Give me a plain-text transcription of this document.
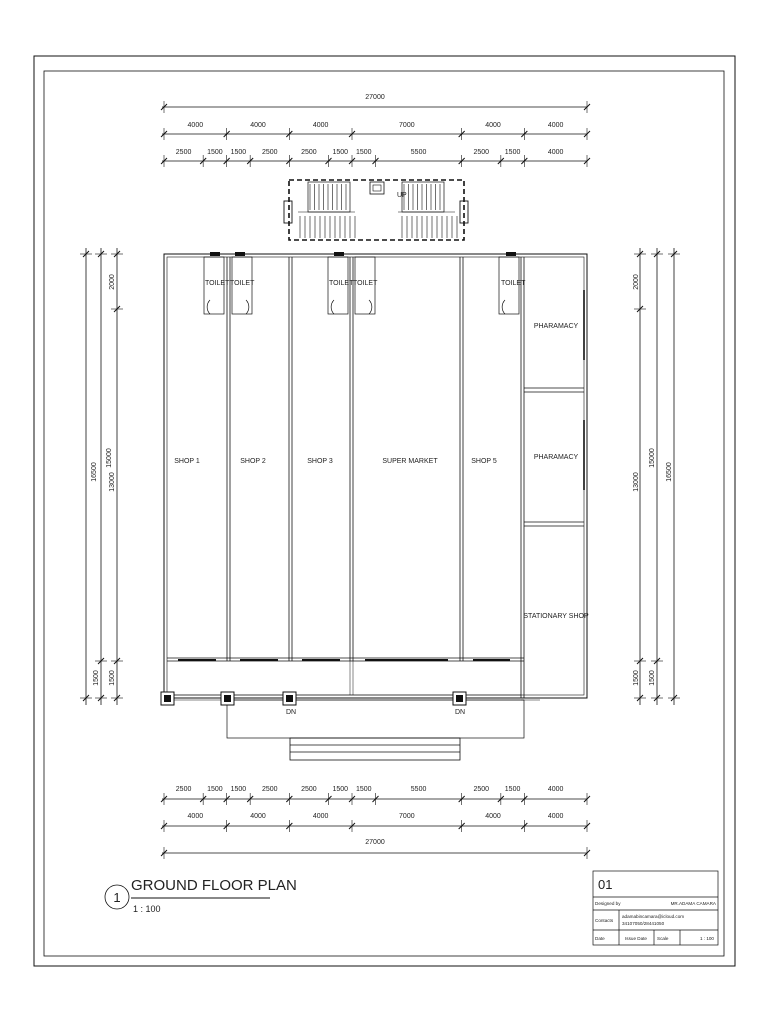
27000
4000	4000	4000	7000	4000	4000
2500 1500 1500 2500	2500 1500 1500	5500	2500 1500	4000
2500 1500 1500 2500	2500 1500 1500	5500	2500 1500	4000
4000	4000	4000	7000	4000	4000
27000
16500
15000
2000
13000
1500 1500
2000
13000
15000
16500
1500 1500
UP
TOILET TOILET	TOILET TOILET	TOILET
SHOP 1	SHOP 2	SHOP 3	SUPER MARKET	SHOP 5
PHARAMACY
PHARAMACY
STATIONARY SHOP
DN	DN
1
GROUND FLOOR PLAN
1 : 100
01
Designed by	MR.ADAMA CAMARA
Contacts
adamabincamara@icloud.com
34107050/28441050
Date	Issue Date Scale	1 : 100
